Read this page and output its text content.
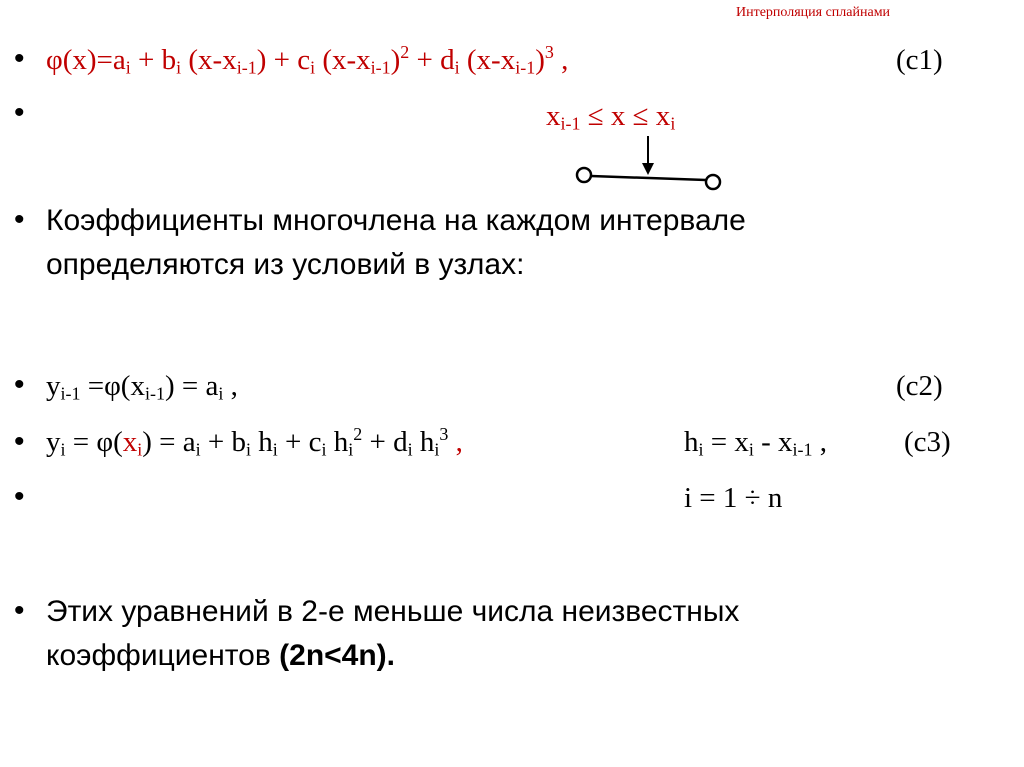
Интерполяция сплайнами
•
•
•
•
•
•
•
$\varphi(x)=a_i + b_i$ $(x-x_{i-1}) + c_i$ $(x-x_{i-1})^2 + d_i$ $(x-x_{i-1})^3$ ,	(с1)
$x_{i-1} \le x \le x_i$
Коэффициенты многочлена на каждом интервале
определяются из условий в узлах:
$y_{i-1} =\varphi(x_{i-1}) = a_i$ ,	(с2)
$y_i = \varphi(x_i) = a_i + b_i$ $h_i + c_i$ $h_i^2 + d_i$ $h_i^3$ ,	$h_i = x_i - x_{i-1}$ ,	(с3)
i = 1 ÷ n
Этих уравнений в 2-е меньше числа неизвестных
коэффициентов (2n<4n).
